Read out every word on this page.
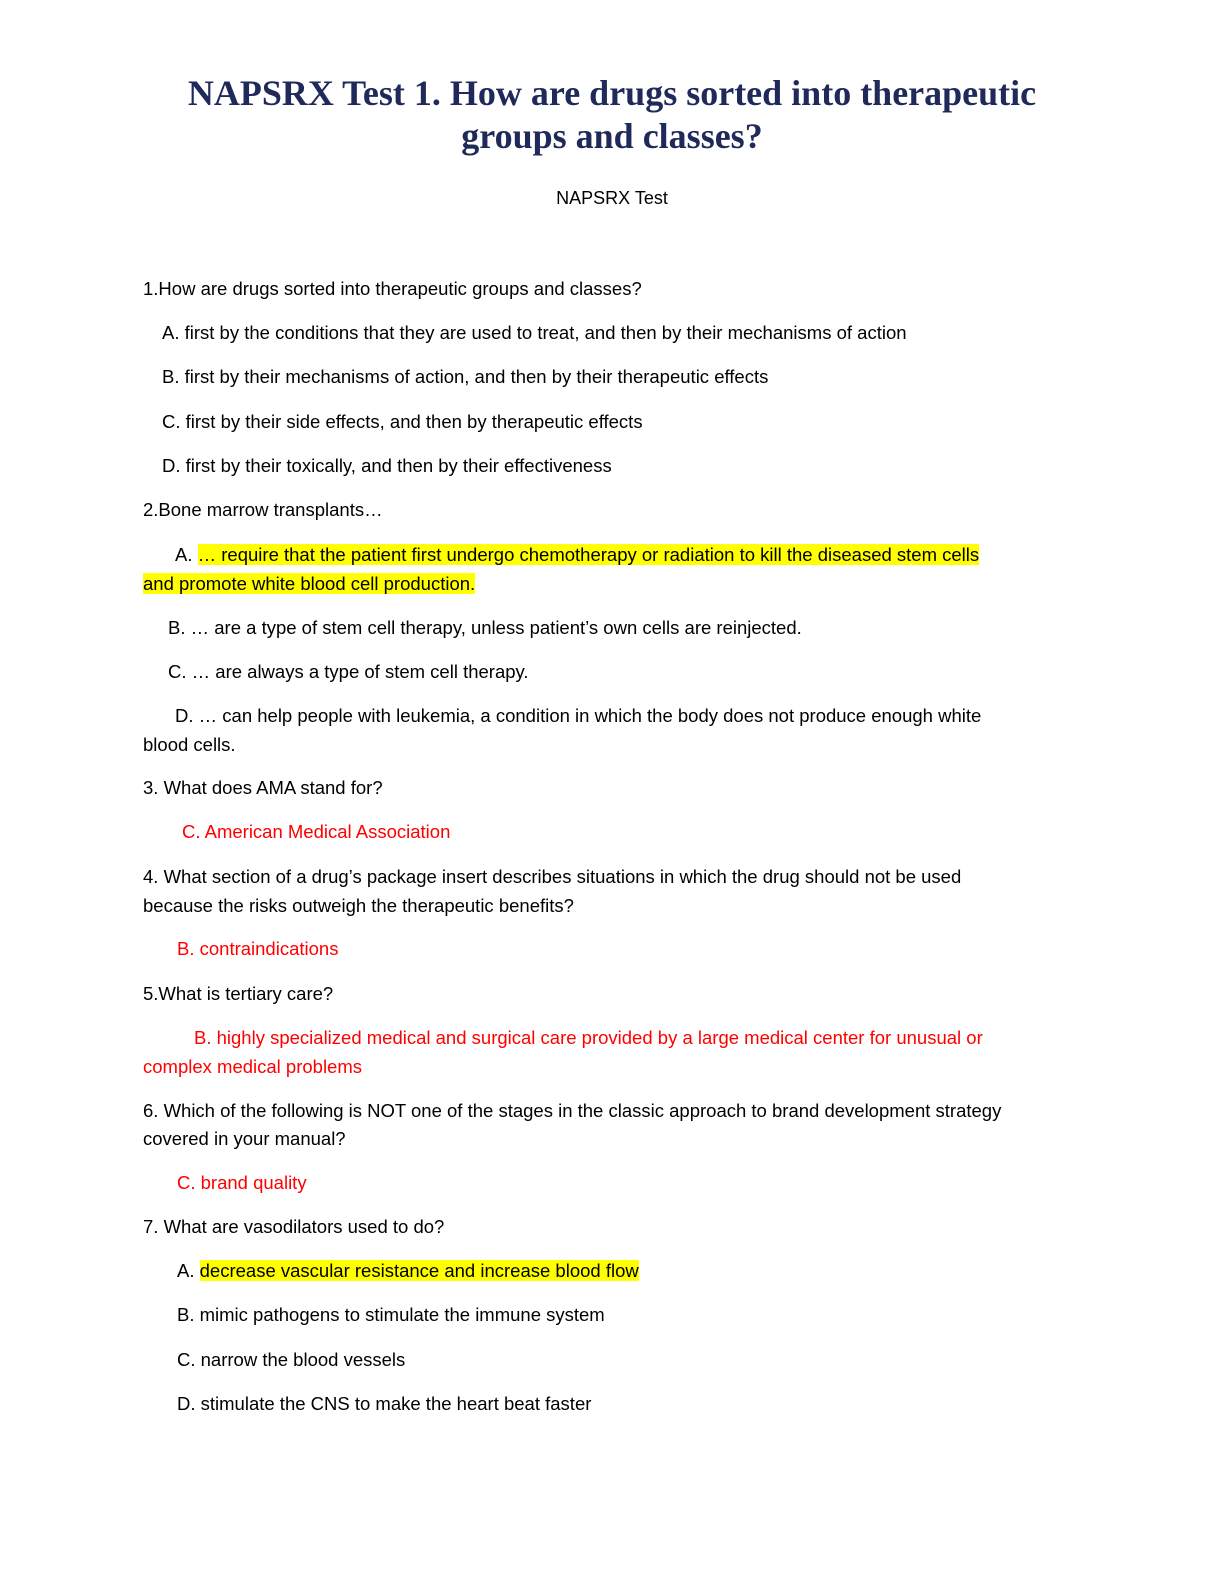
NAPSRX Test 1. How are drugs sorted into therapeutic
groups and classes?
NAPSRX Test

1.How are drugs sorted into therapeutic groups and classes?

A. first by the conditions that they are used to treat, and then by their mechanisms of action

B. first by their mechanisms of action, and then by their therapeutic effects

C. first by their side effects, and then by therapeutic effects

D. first by their toxically, and then by their effectiveness

2.Bone marrow transplants…

A. … require that the patient first undergo chemotherapy or radiation to kill the diseased stem cells

and promote white blood cell production.

B. … are a type of stem cell therapy, unless patient’s own cells are reinjected.

C. … are always a type of stem cell therapy.

D. … can help people with leukemia, a condition in which the body does not produce enough white

blood cells.

3. What does AMA stand for?

C. American Medical Association

4. What section of a drug’s package insert describes situations in which the drug should not be used

because the risks outweigh the therapeutic benefits?

B. contraindications

5.What is tertiary care?

B. highly specialized medical and surgical care provided by a large medical center for unusual or

complex medical problems

6. Which of the following is NOT one of the stages in the classic approach to brand development strategy

covered in your manual?

C. brand quality

7. What are vasodilators used to do?

A. decrease vascular resistance and increase blood flow

B. mimic pathogens to stimulate the immune system

C. narrow the blood vessels

D. stimulate the CNS to make the heart beat faster
